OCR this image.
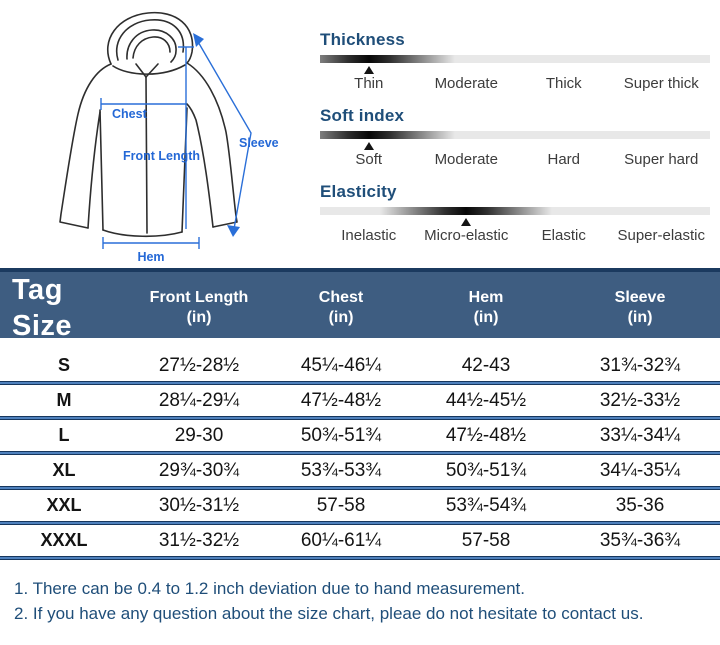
Chest
Front Length
Sleeve
Hem
Thickness
Thin	Moderate	Thick	Super thick
Soft index
Soft	Moderate	Hard	Super hard
Elasticity
Inelastic	Micro-elastic	Elastic	Super-elastic
Tag Size
Front Length
(in)
Chest
(in)
Hem
(in)
Sleeve
(in)
S	27½-28½	45¼-46¼	42-43	31¾-32¾
M	28¼-29¼	47½-48½	44½-45½	32½-33½
L	29-30	50¾-51¾	47½-48½	33¼-34¼
XL	29¾-30¾	53¾-53¾	50¾-51¾	34¼-35¼
XXL	30½-31½	57-58	53¾-54¾	35-36
XXXL	31½-32½	60¼-61¼	57-58	35¾-36¾
1. There can be 0.4 to 1.2 inch deviation due to hand measurement.
2. If you have any question about the size chart, pleae do not hesitate to contact us.
